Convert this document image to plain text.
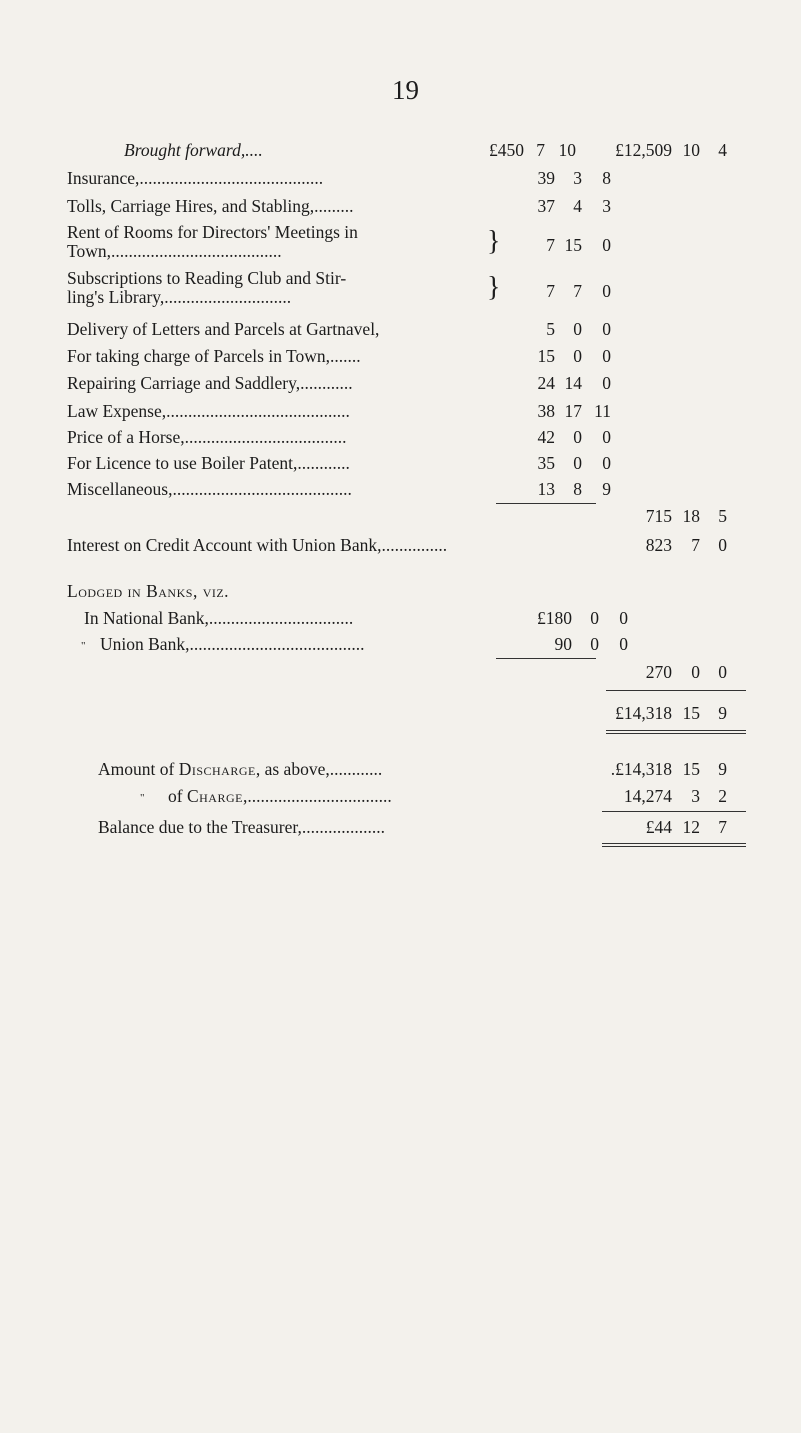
19
Brought forward,....	£450 7 10 £12,509 10 4
Insurance,..........................................	39 3 8
Tolls, Carriage Hires, and Stabling,.........	37 4 3
Rent of Rooms for Directors' Meetings in
Town,.......................................	}	7 15 0
Subscriptions to Reading Club and Stir-
ling's Library,.............................	}	7 7 0
Delivery of Letters and Parcels at Gartnavel,	5 0 0
For taking charge of Parcels in Town,.......	15 0 0
Repairing Carriage and Saddlery,............	24 14 0
Law Expense,..........................................	38 17 11
Price of a Horse,.....................................	42 0 0
For Licence to use Boiler Patent,............	35 0 0
Miscellaneous,.........................................	13 8 9
715 18 5
Interest on Credit Account with Union Bank,...............	823 7 0
Lodged in Banks, viz.
In National Bank,.................................	£180 0 0
" Union Bank,........................................	90 0 0
270 0 0
£14,318 15 9
Amount of Discharge, as above,............	.£14,318 15 9
" of Charge,.................................	14,274 3 2
Balance due to the Treasurer,...................	£44 12 7
